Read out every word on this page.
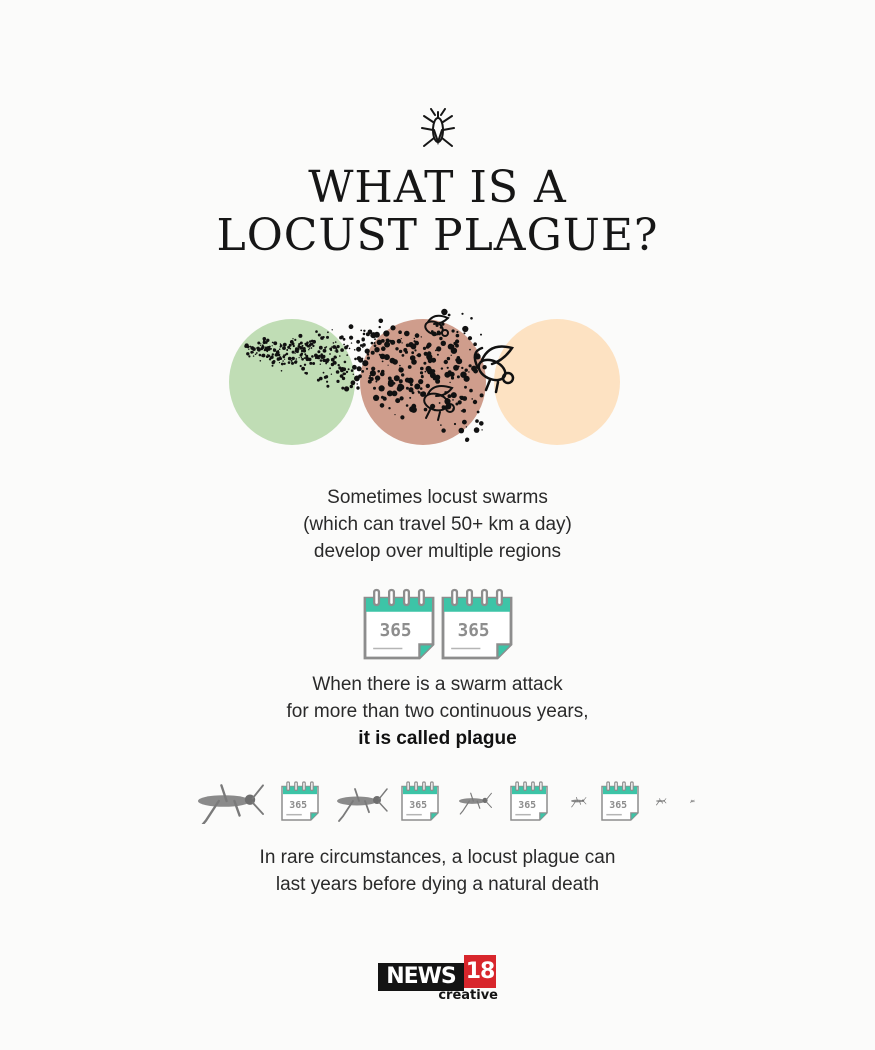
WHAT IS A
LOCUST PLAGUE?
Sometimes locust swarms
(which can travel 50+ km a day)
develop over multiple regions
365	365
When there is a swarm attack
for more than two continuous years,
it is called plague
365	365	365	365
In rare circumstances, a locust plague can
last years before dying a natural death
NEWS 18
creative
